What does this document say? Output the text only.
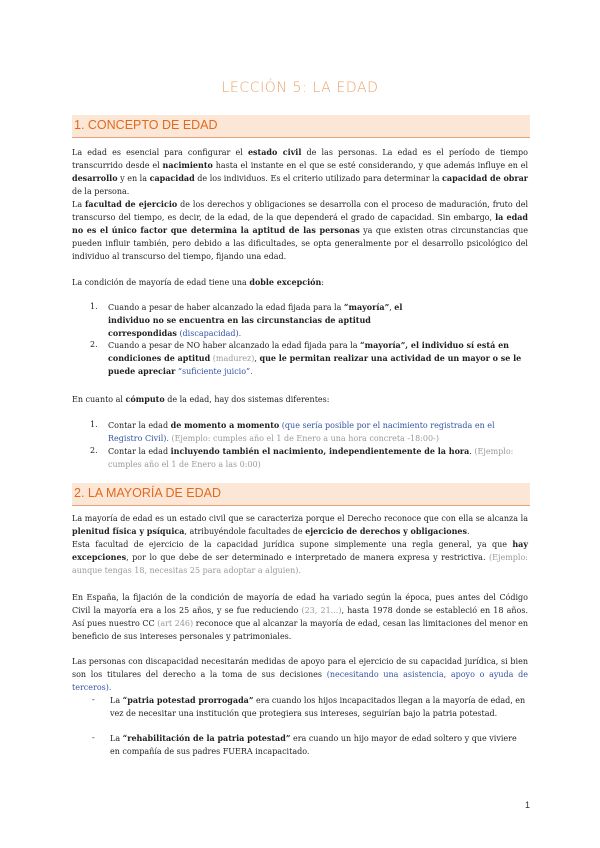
LECCIÓN 5: LA EDAD
1. CONCEPTO DE EDAD
La edad es esencial para configurar el estado civil de las personas. La edad es el período de tiempo transcurrido desde el nacimiento hasta el instante en el que se esté considerando, y que además influye en el desarrollo y en la capacidad de los individuos. Es el criterio utilizado para determinar la capacidad de obrar de la persona.
La facultad de ejercicio de los derechos y obligaciones se desarrolla con el proceso de maduración, fruto del transcurso del tiempo, es decir, de la edad, de la que dependerá el grado de capacidad. Sin embargo, la edad no es el único factor que determina la aptitud de las personas ya que existen otras circunstancias que pueden influir también, pero debido a las dificultades, se opta generalmente por el desarrollo psicológico del individuo al transcurso del tiempo, fijando una edad.
La condición de mayoría de edad tiene una doble excepción:
1. Cuando a pesar de haber alcanzado la edad fijada para la “mayoría”, el individuo no se encuentra en las circunstancias de aptitud correspondidas (discapacidad).
2. Cuando a pesar de NO haber alcanzado la edad fijada para la “mayoría”, el individuo sí está en condiciones de aptitud (madurez), que le permitan realizar una actividad de un mayor o se le puede apreciar “suficiente juicio”.
En cuanto al cómputo de la edad, hay dos sistemas diferentes:
1. Contar la edad de momento a momento (que sería posible por el nacimiento registrada en el Registro Civil). (Ejemplo: cumples año el 1 de Enero a una hora concreta -18:00-)
2. Contar la edad incluyendo también el nacimiento, independientemente de la hora. (Ejemplo: cumples año el 1 de Enero a las 0:00)
2. LA MAYORÍA DE EDAD
La mayoría de edad es un estado civil que se caracteriza porque el Derecho reconoce que con ella se alcanza la plenitud física y psíquica, atribuyéndole facultades de ejercicio de derechos y obligaciones.
Esta facultad de ejercicio de la capacidad jurídica supone simplemente una regla general, ya que hay excepciones, por lo que debe de ser determinado e interpretado de manera expresa y restrictiva. (Ejemplo: aunque tengas 18, necesitas 25 para adoptar a alguien).
En España, la fijación de la condición de mayoría de edad ha variado según la época, pues antes del Código Civil la mayoría era a los 25 años, y se fue reduciendo (23, 21...), hasta 1978 donde se estableció en 18 años. Así pues nuestro CC (art 246) reconoce que al alcanzar la mayoría de edad, cesan las limitaciones del menor en beneficio de sus intereses personales y patrimoniales.
Las personas con discapacidad necesitarán medidas de apoyo para el ejercicio de su capacidad jurídica, si bien son los titulares del derecho a la toma de sus decisiones (necesitando una asistencia, apoyo o ayuda de terceros).
- La “patria potestad prorrogada” era cuando los hijos incapacitados llegan a la mayoría de edad, en vez de necesitar una institución que protegiera sus intereses, seguirían bajo la patria potestad.
- La “rehabilitación de la patria potestad” era cuando un hijo mayor de edad soltero y que viviere en compañía de sus padres FUERA incapacitado.
1
